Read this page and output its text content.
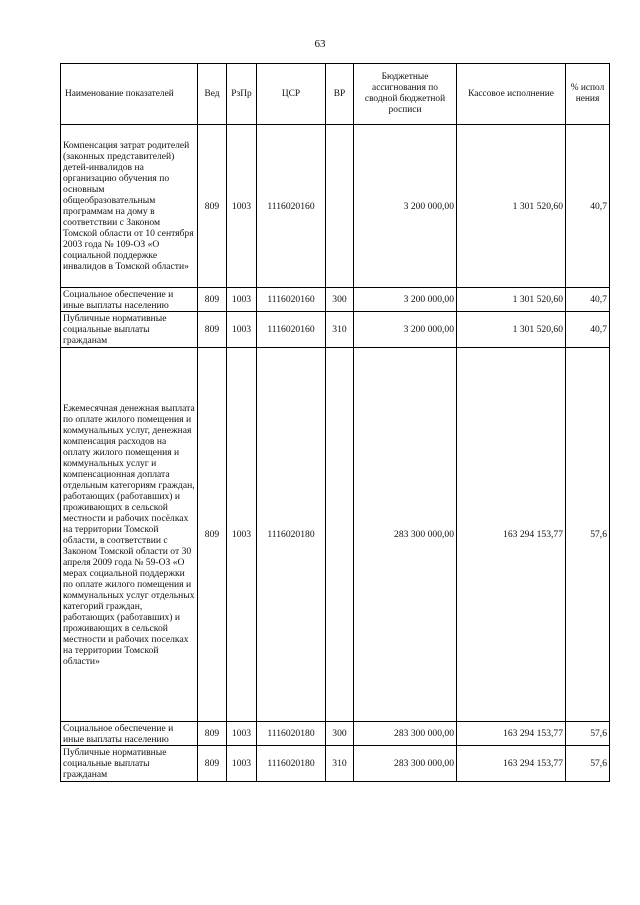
63
Наименование показателей	Вед	РзПр	ЦСР	ВР	Бюджетные ассигнования по сводной бюджетной росписи	Кассовое исполнение	% испол нения
Компенсация затрат родителей (законных представителей) детей-инвалидов на организацию обучения по основным общеобразовательным программам на дому в соответствии с Законом Томской области от 10 сентября 2003 года № 109-ОЗ «О социальной поддержке инвалидов в Томской области»	809	1003	1116020160		3 200 000,00	1 301 520,60	40,7
Социальное обеспечение и иные выплаты населению	809	1003	1116020160	300	3 200 000,00	1 301 520,60	40,7
Публичные нормативные социальные выплаты гражданам	809	1003	1116020160	310	3 200 000,00	1 301 520,60	40,7
Ежемесячная денежная выплата по оплате жилого помещения и коммунальных услуг, денежная компенсация расходов на оплату жилого помещения и коммунальных услуг и компенсационная доплата отдельным категориям граждан, работающих (работавших) и проживающих в сельской местности и рабочих посёлках на территории Томской области, в соответствии с Законом Томской области от 30 апреля 2009 года № 59-ОЗ «О мерах социальной поддержки по оплате жилого помещения и коммунальных услуг отдельных категорий граждан, работающих (работавших) и проживающих в сельской местности и рабочих поселках на территории Томской области»	809	1003	1116020180		283 300 000,00	163 294 153,77	57,6
Социальное обеспечение и иные выплаты населению	809	1003	1116020180	300	283 300 000,00	163 294 153,77	57,6
Публичные нормативные социальные выплаты гражданам	809	1003	1116020180	310	283 300 000,00	163 294 153,77	57,6
